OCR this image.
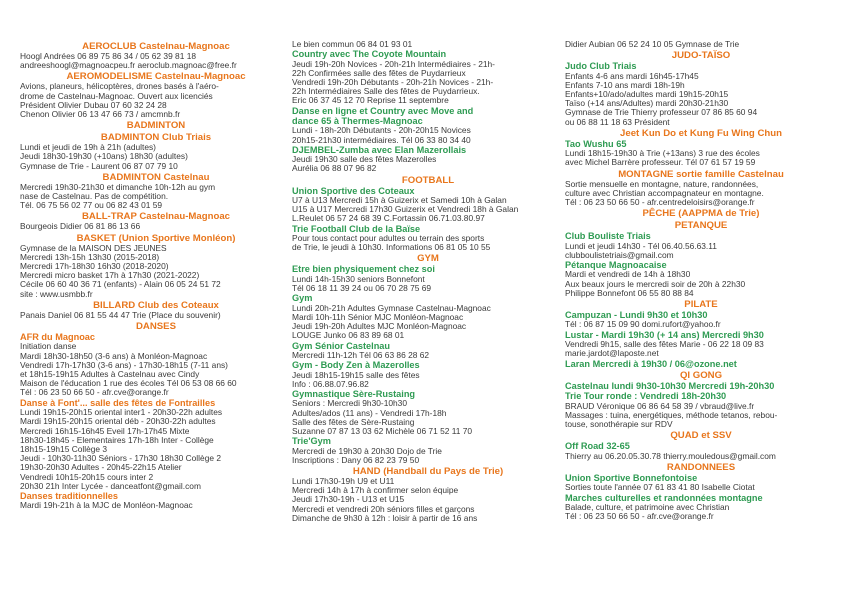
AEROCLUB Castelnau-Magnoac
Hoogl Andrées 06 89 75 86 34 / 05 62 39 81 18
andreeshoogl@magnoacpeu.fr aeroclub.magnoac@free.fr
AEROMODELISME Castelnau-Magnoac
Avions, planeurs, hélicoptères, drones basés à l'aéro-
drome de Castelnau-Magnoac. Ouvert aux licenciés
Président Olivier Dubau 07 60 32 24 28
Chenon Olivier 06 13 47 66 73 / amcmnb.fr
BADMINTON
BADMINTON Club Triais
Lundi et jeudi de 19h à 21h (adultes)
Jeudi 18h30-19h30 (+10ans) 18h30 (adultes)
Gymnase de Trie - Laurent 06 87 07 79 10
BADMINTON Castelnau
Mercredi 19h30-21h30 et dimanche 10h-12h au gym
nase de Castelnau. Pas de compétition.
Tél. 06 75 56 02 77 ou 06 82 43 01 59
BALL-TRAP Castelnau-Magnoac
Bourgeois Didier 06 81 86 13 66
BASKET (Union Sportive Monléon)
Gymnase de la MAISON DES JEUNES
Mercredi 13h-15h 13h30 (2015-2018)
Mercredi 17h-18h30 16h30 (2018-2020)
Mercredi micro basket 17h à 17h30 (2021-2022)
Cécile 06 60 40 36 71 (enfants) - Alain 06 05 24 51 72
site : www.usmbb.fr
BILLARD Club des Coteaux
Panais Daniel 06 81 55 44 47 Trie (Place du souvenir)
DANSES
AFR du Magnoac
Initiation danse
Mardi 18h30-18h50 (3-6 ans) à Monléon-Magnoac
Vendredi 17h-17h30 (3-6 ans) - 17h30-18h15 (7-11 ans)
et 18h15-19h15 Adultes à Castelnau avec Cindy
Maison de l'éducation 1 rue des écoles Tél 06 53 08 66 60
Tél : 06 23 50 66 50 - afr.cve@orange.fr
Danse à Font'... salle des fêtes de Fontrailles
Lundi 19h15-20h15 oriental inter1 - 20h30-22h adultes
Mardi 19h15-20h15 oriental déb - 20h30-22h adultes
Mercredi 16h15-16h45 Eveil 17h-17h45 Mixte
18h30-18h45 - Elementaires 17h-18h Inter - Collège
18h15-19h15 Collège 3
Jeudi - 10h30-11h30 Séniors - 17h30 18h30 Collège 2
19h30-20h30 Adultes - 20h45-22h15 Atelier
Vendredi 10h15-20h15 cours inter 2
20h30 21h Inter Lycée - danceatfont@gmail.com
Danses traditionnelles
Mardi 19h-21h à la MJC de Monléon-Magnoac
Le bien commun 06 84 01 93 01
Country avec The Coyote Mountain
Jeudi 19h-20h Novices - 20h-21h Intermédiaires - 21h-
22h Confirmées salle des fêtes de Puydarrieux
Vendredi 19h-20h Débutants - 20h-21h Novices - 21h-
22h Intermédiaires Salle des fêtes de Puydarrieux.
Eric 06 37 45 12 70 Reprise 11 septembre
Danse en ligne et Country avec Move and
dance 65 à Thermes-Magnoac
Lundi - 18h-20h Débutants - 20h-20h15 Novices
20h15-21h30 intermédiaires. Tél 06 33 80 34 40
DJEMBEL-Zumba avec Elan Mazerollais
Jeudi 19h30 salle des fêtes Mazerolles
Aurélia 06 88 07 96 82
FOOTBALL
Union Sportive des Coteaux
U7 à U13 Mercredi 15h à Guizerix et Samedi 10h à Galan
U15 à U17 Mercredi 17h30 Guizerix et Vendredi 18h à Galan
L.Reulet 06 57 24 68 39 C.Fortassin 06.71.03.80.97
Trie Football Club de la Baïse
Pour tous contact pour adultes ou terrain des sports
de Trie, le jeudi à 10h30. Informations 06 81 05 10 55
GYM
Etre bien physiquement chez soi
Lundi 14h-15h30 seniors Bonnefont
Tél 06 18 11 39 24 ou 06 70 28 75 69
Gym
Lundi 20h-21h Adultes Gymnase Castelnau-Magnoac
Mardi 10h-11h Sénior MJC Monléon-Magnoac
Jeudi 19h-20h Adultes MJC Monléon-Magnoac
LOUGE Junko 06 83 89 68 01
Gym Sénior Castelnau
Mercredi 11h-12h Tél 06 63 86 28 62
Gym - Body Zen à Mazerolles
Jeudi 18h15-19h15 salle des fêtes
Info : 06.88.07.96.82
Gymnastique Sère-Rustaing
Seniors : Mercredi 9h30-10h30
Adultes/ados (11 ans) - Vendredi 17h-18h
Salle des fêtes de Sère-Rustaing
Suzanne 07 87 13 03 62 Michèle 06 71 52 11 70
Trie'Gym
Mercredi de 19h30 à 20h30 Dojo de Trie
Inscriptions : Dany 06 82 23 79 50
HAND (Handball du Pays de Trie)
Lundi 17h30-19h U9 et U11
Mercredi 14h à 17h à confirmer selon équipe
Jeudi 17h30-19h - U13 et U15
Mercredi et vendredi 20h séniors filles et garçons
Dimanche de 9h30 à 12h : loisir à partir de 16 ans
Didier Aubian 06 52 24 10 05 Gymnase de Trie
JUDO-TAÏSO
Judo Club Triais
Enfants 4-6 ans mardi 16h45-17h45
Enfants 7-10 ans mardi 18h-19h
Enfants+10/ado/adultes mardi 19h15-20h15
Taïso (+14 ans/Adultes) mardi 20h30-21h30
Gymnase de Trie Thierry professeur 07 86 85 60 94
ou 06 88 11 18 63 Président
Jeet Kun Do et Kung Fu Wing Chun
Tao Wushu 65
Lundi 18h15-19h30 à Trie (+13ans) 3 rue des écoles
avec Michel Barrère professeur. Tél 07 61 57 19 59
MONTAGNE sortie famille Castelnau
Sortie mensuelle en montagne, nature, randonnées,
culture avec Christian accompagnateur en montagne.
Tél : 06 23 50 66 50 - afr.centredeloisirs@orange.fr
PÊCHE (AAPPMA de Trie)
PETANQUE
Club Bouliste Triais
Lundi et jeudi 14h30 - Tél 06.40.56.63.11
clubboulistetriais@gmail.com
Pétanque Magnoacaise
Mardi et vendredi de 14h à 18h30
Aux beaux jours le mercredi soir de 20h à 22h30
Philippe Bonnefont 06 55 80 88 84
PILATE
Campuzan - Lundi 9h30 et 10h30
Tél : 06 87 15 09 90 domi.rufort@yahoo.fr
Lustar - Mardi 19h30 (+ 14 ans) Mercredi 9h30
Vendredi 9h15, salle des fêtes Marie - 06 22 18 09 83
marie.jardot@laposte.net
Laran Mercredi à 19h30 / 06@ozone.net
QI GONG
Castelnau lundi 9h30-10h30 Mercredi 19h-20h30
Trie Tour ronde : Vendredi 18h-20h30
BRAUD Véronique 06 86 64 58 39 / vbraud@live.fr
Massages : tuina, energétiques, méthode tetanos, rebou-
touse, sonothérapie sur RDV
QUAD et SSV
Off Road 32-65
Thierry au 06.20.05.30.78 thierry.mouledous@gmail.com
RANDONNEES
Union Sportive Bonnefontoise
Sorties toute l'année 07 61 83 41 80 Isabelle Ciotat
Marches culturelles et randonnées montagne
Balade, culture, et patrimoine avec Christian
Tél : 06 23 50 66 50 - afr.cve@orange.fr
